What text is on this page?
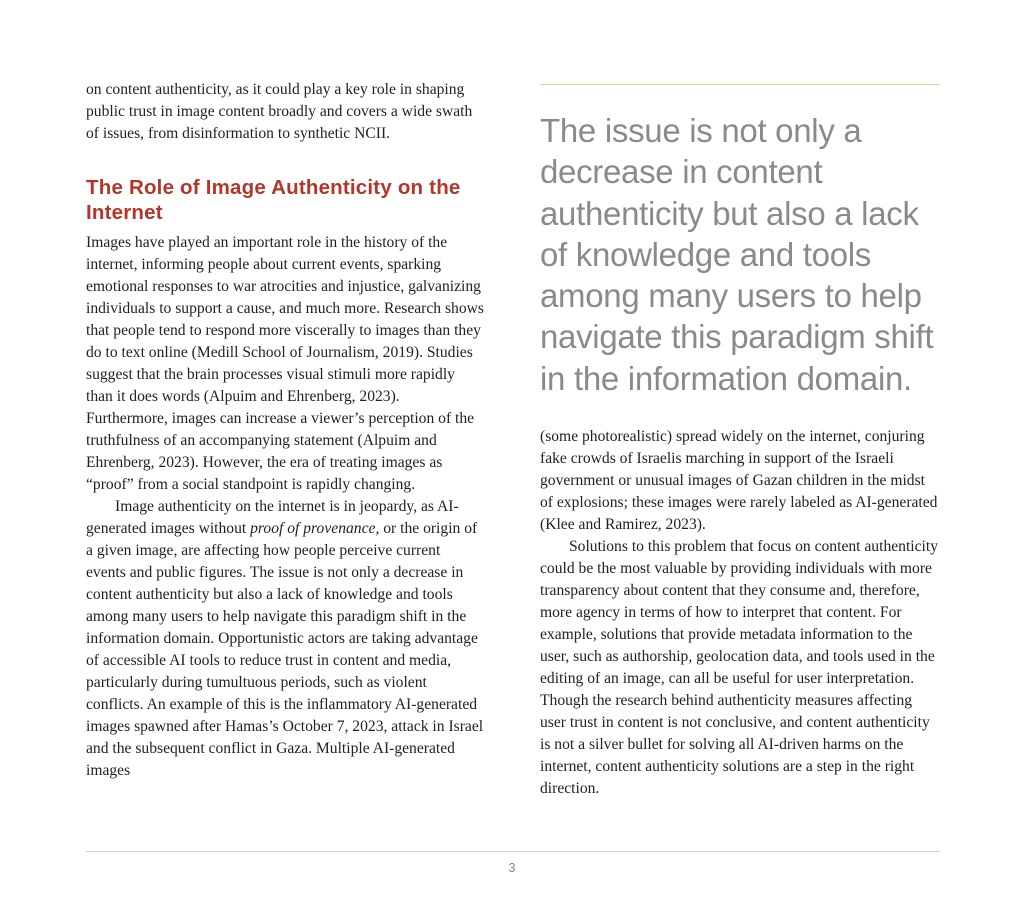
on content authenticity, as it could play a key role in shaping public trust in image content broadly and covers a wide swath of issues, from disinformation to synthetic NCII.

The Role of Image Authenticity on the Internet

Images have played an important role in the history of the internet, informing people about current events, sparking emotional responses to war atrocities and injustice, galvanizing individuals to support a cause, and much more. Research shows that people tend to respond more viscerally to images than they do to text online (Medill School of Journalism, 2019). Studies suggest that the brain processes visual stimuli more rapidly than it does words (Alpuim and Ehrenberg, 2023). Furthermore, images can increase a viewer’s perception of the truthfulness of an accompanying statement (Alpuim and Ehrenberg, 2023). However, the era of treating images as “proof” from a social standpoint is rapidly changing.

Image authenticity on the internet is in jeopardy, as AI-generated images without proof of provenance, or the origin of a given image, are affecting how people perceive current events and public figures. The issue is not only a decrease in content authenticity but also a lack of knowledge and tools among many users to help navigate this paradigm shift in the information domain. Opportunistic actors are taking advantage of accessible AI tools to reduce trust in content and media, particularly during tumultuous periods, such as violent conflicts. An example of this is the inflammatory AI-generated images spawned after Hamas’s October 7, 2023, attack in Israel and the subsequent conflict in Gaza. Multiple AI-generated images

The issue is not only a decrease in content authenticity but also a lack of knowledge and tools among many users to help navigate this paradigm shift in the information domain.

(some photorealistic) spread widely on the internet, conjuring fake crowds of Israelis marching in support of the Israeli government or unusual images of Gazan children in the midst of explosions; these images were rarely labeled as AI-generated (Klee and Ramirez, 2023).

Solutions to this problem that focus on content authenticity could be the most valuable by providing individuals with more transparency about content that they consume and, therefore, more agency in terms of how to interpret that content. For example, solutions that provide metadata information to the user, such as authorship, geolocation data, and tools used in the editing of an image, can all be useful for user interpretation. Though the research behind authenticity measures affecting user trust in content is not conclusive, and content authenticity is not a silver bullet for solving all AI-driven harms on the internet, content authenticity solutions are a step in the right direction.

3
